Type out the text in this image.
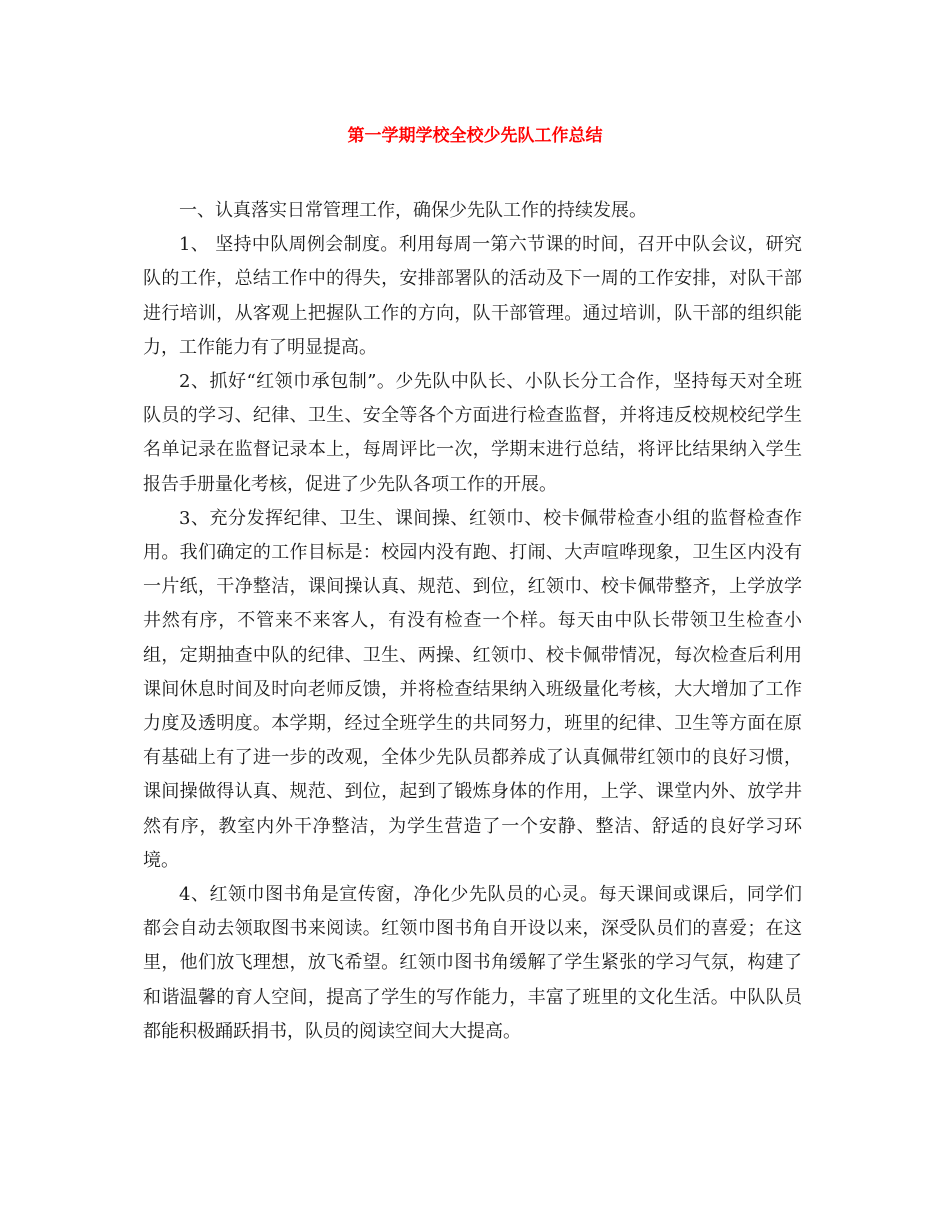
第一学期学校全校少先队工作总结

一、认真落实日常管理工作，确保少先队工作的持续发展。

1、 坚持中队周例会制度。利用每周一第六节课的时间，召开中队会议，研究队的工作，总结工作中的得失，安排部署队的活动及下一周的工作安排，对队干部进行培训，从客观上把握队工作的方向，队干部管理。通过培训，队干部的组织能力，工作能力有了明显提高。

2、抓好“红领巾承包制”。少先队中队长、小队长分工合作，坚持每天对全班队员的学习、纪律、卫生、安全等各个方面进行检查监督，并将违反校规校纪学生名单记录在监督记录本上，每周评比一次，学期末进行总结，将评比结果纳入学生报告手册量化考核，促进了少先队各项工作的开展。

3、充分发挥纪律、卫生、课间操、红领巾、校卡佩带检查小组的监督检查作用。我们确定的工作目标是：校园内没有跑、打闹、大声喧哗现象，卫生区内没有一片纸，干净整洁，课间操认真、规范、到位，红领巾、校卡佩带整齐，上学放学井然有序，不管来不来客人，有没有检查一个样。每天由中队长带领卫生检查小组，定期抽查中队的纪律、卫生、两操、红领巾、校卡佩带情况，每次检查后利用课间休息时间及时向老师反馈，并将检查结果纳入班级量化考核，大大增加了工作力度及透明度。本学期，经过全班学生的共同努力，班里的纪律、卫生等方面在原有基础上有了进一步的改观，全体少先队员都养成了认真佩带红领巾的良好习惯，课间操做得认真、规范、到位，起到了锻炼身体的作用，上学、课堂内外、放学井然有序，教室内外干净整洁，为学生营造了一个安静、整洁、舒适的良好学习环境。

4、红领巾图书角是宣传窗，净化少先队员的心灵。每天课间或课后，同学们都会自动去领取图书来阅读。红领巾图书角自开设以来，深受队员们的喜爱；在这里，他们放飞理想，放飞希望。红领巾图书角缓解了学生紧张的学习气氛，构建了和谐温馨的育人空间，提高了学生的写作能力，丰富了班里的文化生活。中队队员都能积极踊跃捐书，队员的阅读空间大大提高。
